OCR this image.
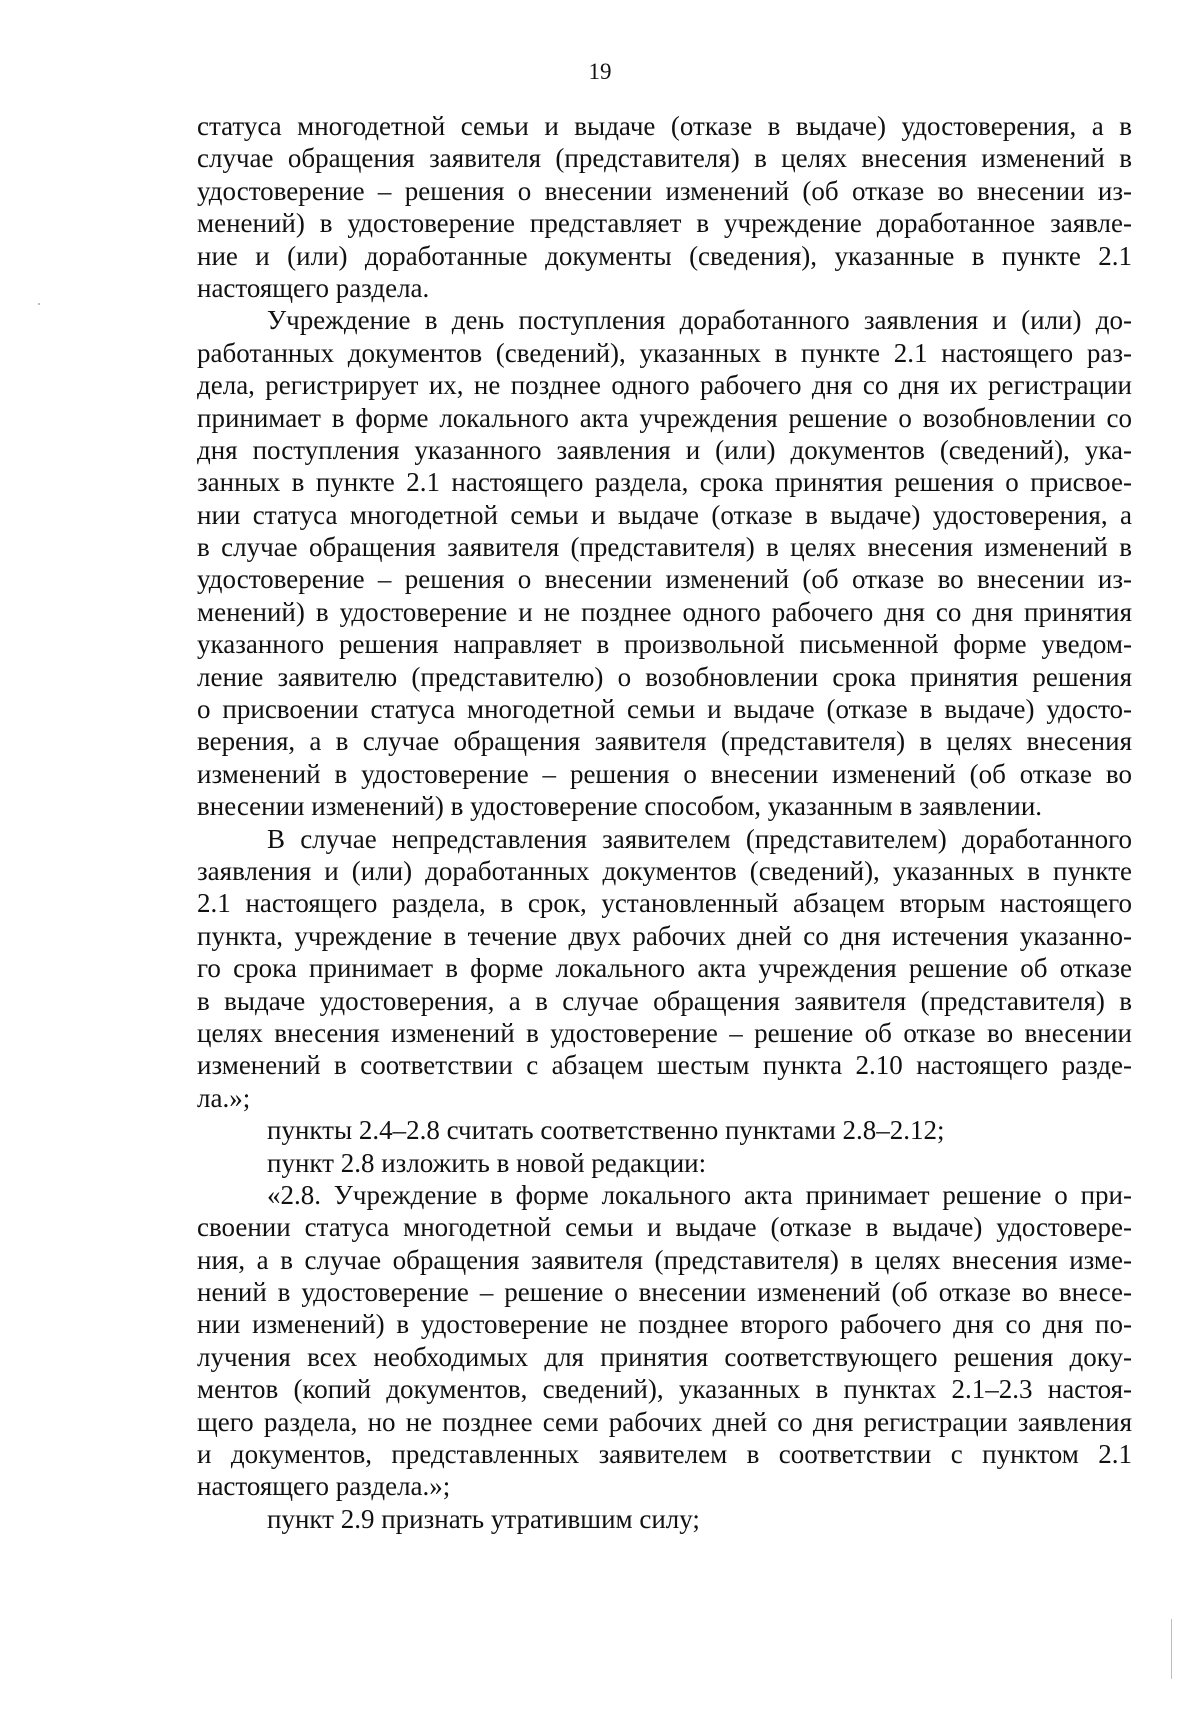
19
статуса многодетной семьи и выдаче (отказе в выдаче) удостоверения, а в
случае обращения заявителя (представителя) в целях внесения изменений в
удостоверение – решения о внесении изменений (об отказе во внесении из-
менений) в удостоверение представляет в учреждение доработанное заявле-
ние и (или) доработанные документы (сведения), указанные в пункте 2.1
настоящего раздела.
Учреждение в день поступления доработанного заявления и (или) до-
работанных документов (сведений), указанных в пункте 2.1 настоящего раз-
дела, регистрирует их, не позднее одного рабочего дня со дня их регистрации
принимает в форме локального акта учреждения решение о возобновлении со
дня поступления указанного заявления и (или) документов (сведений), ука-
занных в пункте 2.1 настоящего раздела, срока принятия решения о присвое-
нии статуса многодетной семьи и выдаче (отказе в выдаче) удостоверения, а
в случае обращения заявителя (представителя) в целях внесения изменений в
удостоверение – решения о внесении изменений (об отказе во внесении из-
менений) в удостоверение и не позднее одного рабочего дня со дня принятия
указанного решения направляет в произвольной письменной форме уведом-
ление заявителю (представителю) о возобновлении срока принятия решения
о присвоении статуса многодетной семьи и выдаче (отказе в выдаче) удосто-
верения, а в случае обращения заявителя (представителя) в целях внесения
изменений в удостоверение – решения о внесении изменений (об отказе во
внесении изменений) в удостоверение способом, указанным в заявлении.
В случае непредставления заявителем (представителем) доработанного
заявления и (или) доработанных документов (сведений), указанных в пункте
2.1 настоящего раздела, в срок, установленный абзацем вторым настоящего
пункта, учреждение в течение двух рабочих дней со дня истечения указанно-
го срока принимает в форме локального акта учреждения решение об отказе
в выдаче удостоверения, а в случае обращения заявителя (представителя) в
целях внесения изменений в удостоверение – решение об отказе во внесении
изменений в соответствии с абзацем шестым пункта 2.10 настоящего разде-
ла.»;
пункты 2.4–2.8 считать соответственно пунктами 2.8–2.12;
пункт 2.8 изложить в новой редакции:
«2.8. Учреждение в форме локального акта принимает решение о при-
своении статуса многодетной семьи и выдаче (отказе в выдаче) удостовере-
ния, а в случае обращения заявителя (представителя) в целях внесения изме-
нений в удостоверение – решение о внесении изменений (об отказе во внесе-
нии изменений) в удостоверение не позднее второго рабочего дня со дня по-
лучения всех необходимых для принятия соответствующего решения доку-
ментов (копий документов, сведений), указанных в пунктах 2.1–2.3 настоя-
щего раздела, но не позднее семи рабочих дней со дня регистрации заявления
и документов, представленных заявителем в соответствии с пунктом 2.1
настоящего раздела.»;
пункт 2.9 признать утратившим силу;
